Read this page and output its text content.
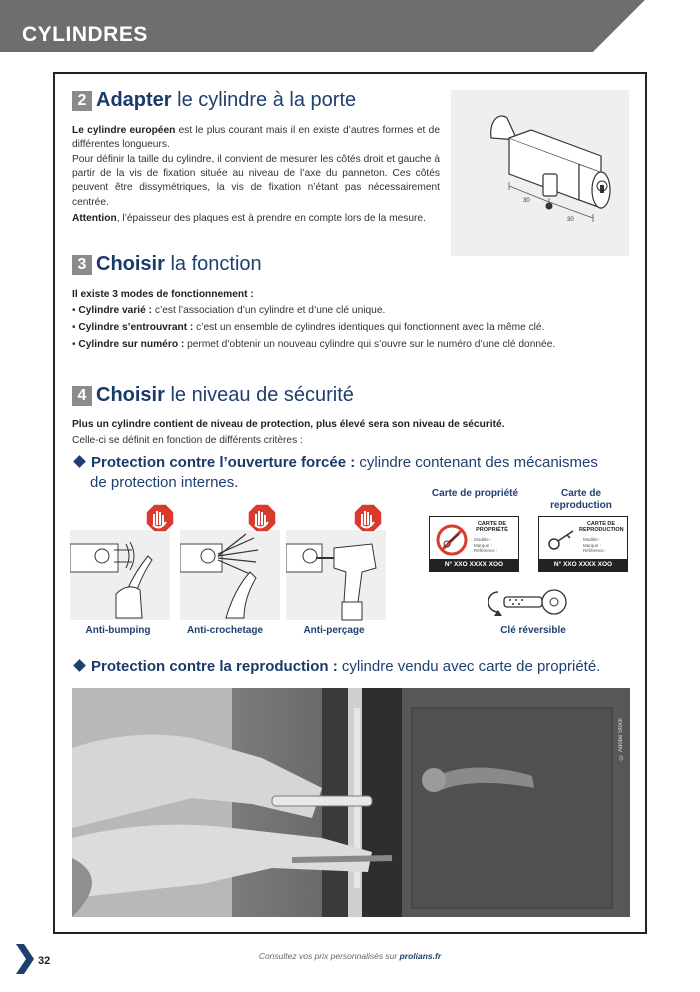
CYLINDRES
2 Adapter le cylindre à la porte
Le cylindre européen est le plus courant mais il en existe d’autres formes et de différentes longueurs.
Pour définir la taille du cylindre, il convient de mesurer les côtés droit et gauche à partir de la vis de fixation située au niveau de l’axe du panneton. Ces côtés peuvent être dissymétriques, la vis de fixation n’étant pas nécessairement centrée.
Attention, l’épaisseur des plaques est à prendre en compte lors de la mesure.
30
30
3 Choisir la fonction
Il existe 3 modes de fonctionnement :
• Cylindre varié : c’est l’association d’un cylindre et d’une clé unique.
• Cylindre s’entrouvrant : c’est un ensemble de cylindres identiques qui fonctionnent avec la même clé.
• Cylindre sur numéro : permet d’obtenir un nouveau cylindre qui s’ouvre sur le numéro d’une clé donnée.
4 Choisir le niveau de sécurité
Plus un cylindre contient de niveau de protection, plus élevé sera son niveau de sécurité.
Celle-ci se définit en fonction de différents critères :
Protection contre l’ouverture forcée : cylindre contenant des mécanismes
de protection internes.
Anti-bumping	Anti-crochetage	Anti-perçage
Carte de propriété	Carte de reproduction
CARTE DE PROPRIÉTÉ
Modèle :
Marque :
Référence :
N° XXO XXXX XOO
CARTE DE REPRODUCTION
Modèle :
Marque :
Référence :
N° XXO XXXX XOO
Clé réversible
Protection contre la reproduction : cylindre vendu avec carte de propriété.
© Adobe Stock
32	Consultez vos prix personnalisés sur prolians.fr
